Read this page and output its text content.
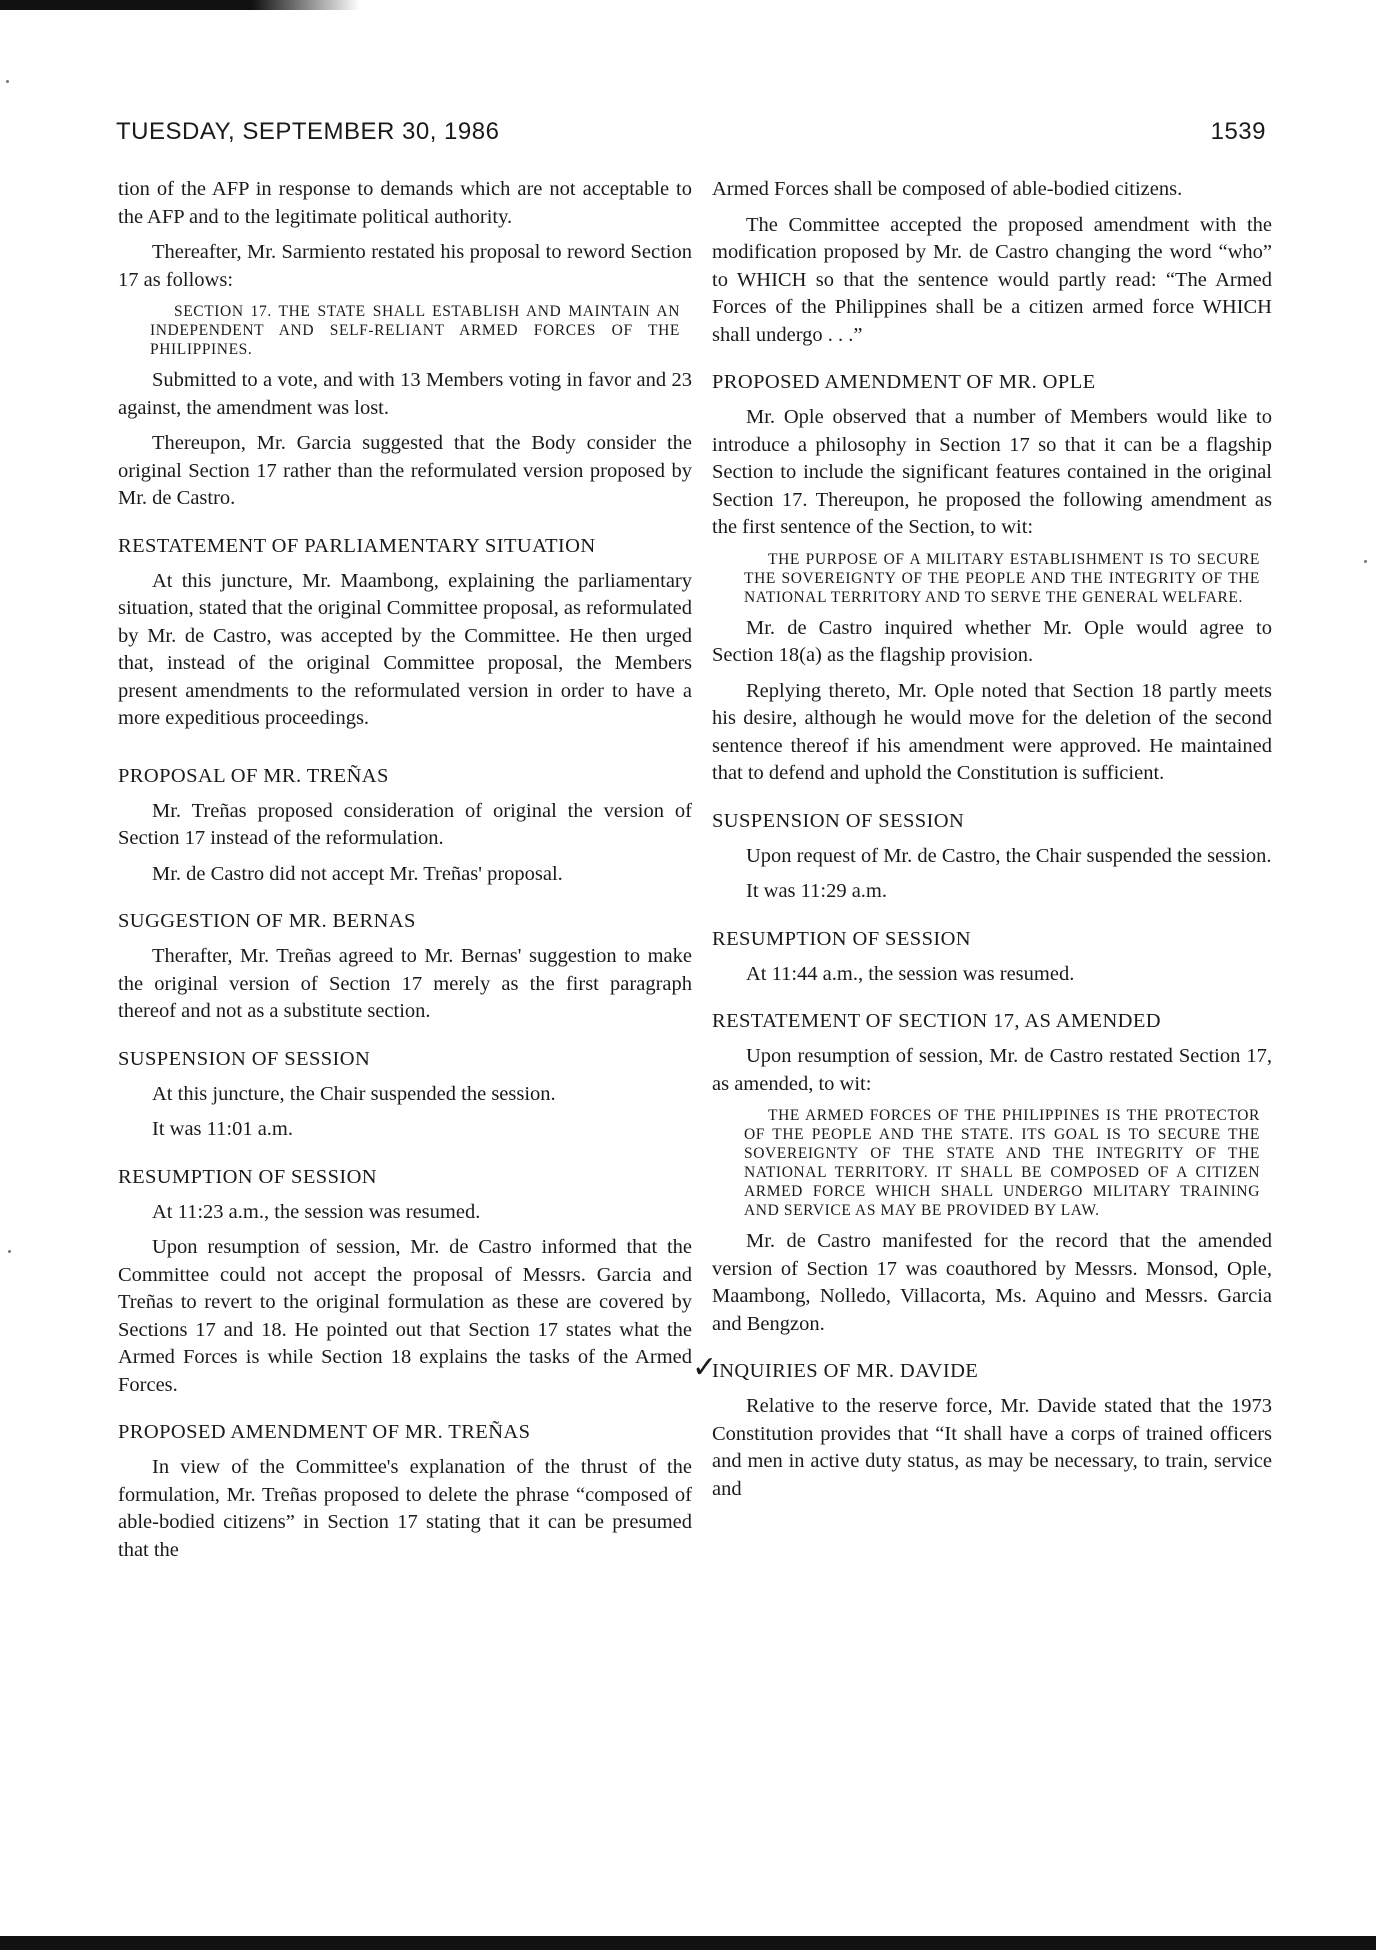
TUESDAY, SEPTEMBER 30, 1986	1539

tion of the AFP in response to demands which are not acceptable to the AFP and to the legitimate political authority.

Thereafter, Mr. Sarmiento restated his proposal to reword Section 17 as follows:

SECTION 17. THE STATE SHALL ESTABLISH AND MAINTAIN AN INDEPENDENT AND SELF-RELIANT ARMED FORCES OF THE PHILIPPINES.

Submitted to a vote, and with 13 Members voting in favor and 23 against, the amendment was lost.

Thereupon, Mr. Garcia suggested that the Body consider the original Section 17 rather than the reformulated version proposed by Mr. de Castro.

RESTATEMENT OF PARLIAMENTARY SITUATION

At this juncture, Mr. Maambong, explaining the parliamentary situation, stated that the original Committee proposal, as reformulated by Mr. de Castro, was accepted by the Committee. He then urged that, instead of the original Committee proposal, the Members present amendments to the reformulated version in order to have a more expeditious proceedings.

PROPOSAL OF MR. TREÑAS

Mr. Treñas proposed consideration of original the version of Section 17 instead of the reformulation.

Mr. de Castro did not accept Mr. Treñas' proposal.

SUGGESTION OF MR. BERNAS

Therafter, Mr. Treñas agreed to Mr. Bernas' suggestion to make the original version of Section 17 merely as the first paragraph thereof and not as a substitute section.

SUSPENSION OF SESSION

At this juncture, the Chair suspended the session.

It was 11:01 a.m.

RESUMPTION OF SESSION

At 11:23 a.m., the session was resumed.

Upon resumption of session, Mr. de Castro informed that the Committee could not accept the proposal of Messrs. Garcia and Treñas to revert to the original formulation as these are covered by Sections 17 and 18. He pointed out that Section 17 states what the Armed Forces is while Section 18 explains the tasks of the Armed Forces.

PROPOSED AMENDMENT OF MR. TREÑAS

In view of the Committee's explanation of the thrust of the formulation, Mr. Treñas proposed to delete the phrase “composed of able-bodied citizens” in Section 17 stating that it can be presumed that the

Armed Forces shall be composed of able-bodied citizens.

The Committee accepted the proposed amendment with the modification proposed by Mr. de Castro changing the word “who” to WHICH so that the sentence would partly read: “The Armed Forces of the Philippines shall be a citizen armed force WHICH shall undergo . . .”

PROPOSED AMENDMENT OF MR. OPLE

Mr. Ople observed that a number of Members would like to introduce a philosophy in Section 17 so that it can be a flagship Section to include the significant features contained in the original Section 17. Thereupon, he proposed the following amendment as the first sentence of the Section, to wit:

THE PURPOSE OF A MILITARY ESTABLISHMENT IS TO SECURE THE SOVEREIGNTY OF THE PEOPLE AND THE INTEGRITY OF THE NATIONAL TERRITORY AND TO SERVE THE GENERAL WELFARE.

Mr. de Castro inquired whether Mr. Ople would agree to Section 18(a) as the flagship provision.

Replying thereto, Mr. Ople noted that Section 18 partly meets his desire, although he would move for the deletion of the second sentence thereof if his amendment were approved. He maintained that to defend and uphold the Constitution is sufficient.

SUSPENSION OF SESSION

Upon request of Mr. de Castro, the Chair suspended the session.

It was 11:29 a.m.

RESUMPTION OF SESSION

At 11:44 a.m., the session was resumed.

RESTATEMENT OF SECTION 17, AS AMENDED

Upon resumption of session, Mr. de Castro restated Section 17, as amended, to wit:

THE ARMED FORCES OF THE PHILIPPINES IS THE PROTECTOR OF THE PEOPLE AND THE STATE. ITS GOAL IS TO SECURE THE SOVEREIGNTY OF THE STATE AND THE INTEGRITY OF THE NATIONAL TERRITORY. IT SHALL BE COMPOSED OF A CITIZEN ARMED FORCE WHICH SHALL UNDERGO MILITARY TRAINING AND SERVICE AS MAY BE PROVIDED BY LAW.

Mr. de Castro manifested for the record that the amended version of Section 17 was coauthored by Messrs. Monsod, Ople, Maambong, Nolledo, Villacorta, Ms. Aquino and Messrs. Garcia and Bengzon.

✓
INQUIRIES OF MR. DAVIDE

Relative to the reserve force, Mr. Davide stated that the 1973 Constitution provides that “It shall have a corps of trained officers and men in active duty status, as may be necessary, to train, service and
